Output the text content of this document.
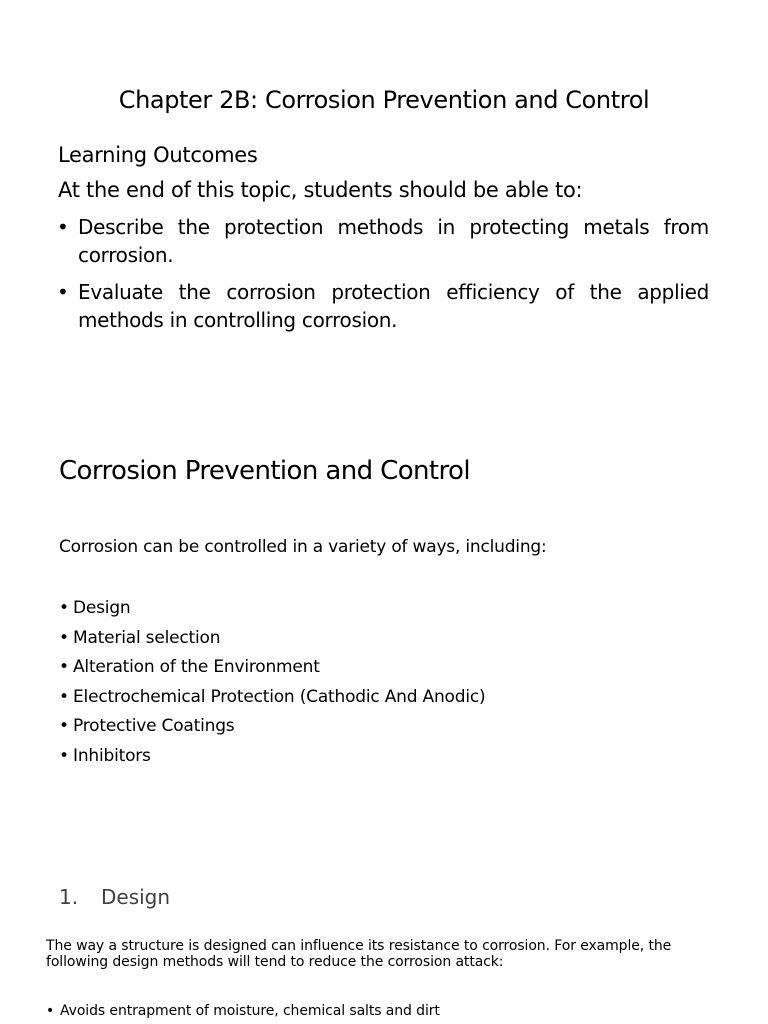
Chapter 2B: Corrosion Prevention and Control
Learning Outcomes
At the end of this topic, students should be able to:
• Describe the protection methods in protecting metals from corrosion.
• Evaluate the corrosion protection efficiency of the applied methods in controlling corrosion.
Corrosion Prevention and Control
Corrosion can be controlled in a variety of ways, including:
• Design
• Material selection
• Alteration of the Environment
• Electrochemical Protection (Cathodic And Anodic)
• Protective Coatings
• Inhibitors
1. Design
The way a structure is designed can influence its resistance to corrosion. For example, the following design methods will tend to reduce the corrosion attack:
• Avoids entrapment of moisture, chemical salts and dirt
